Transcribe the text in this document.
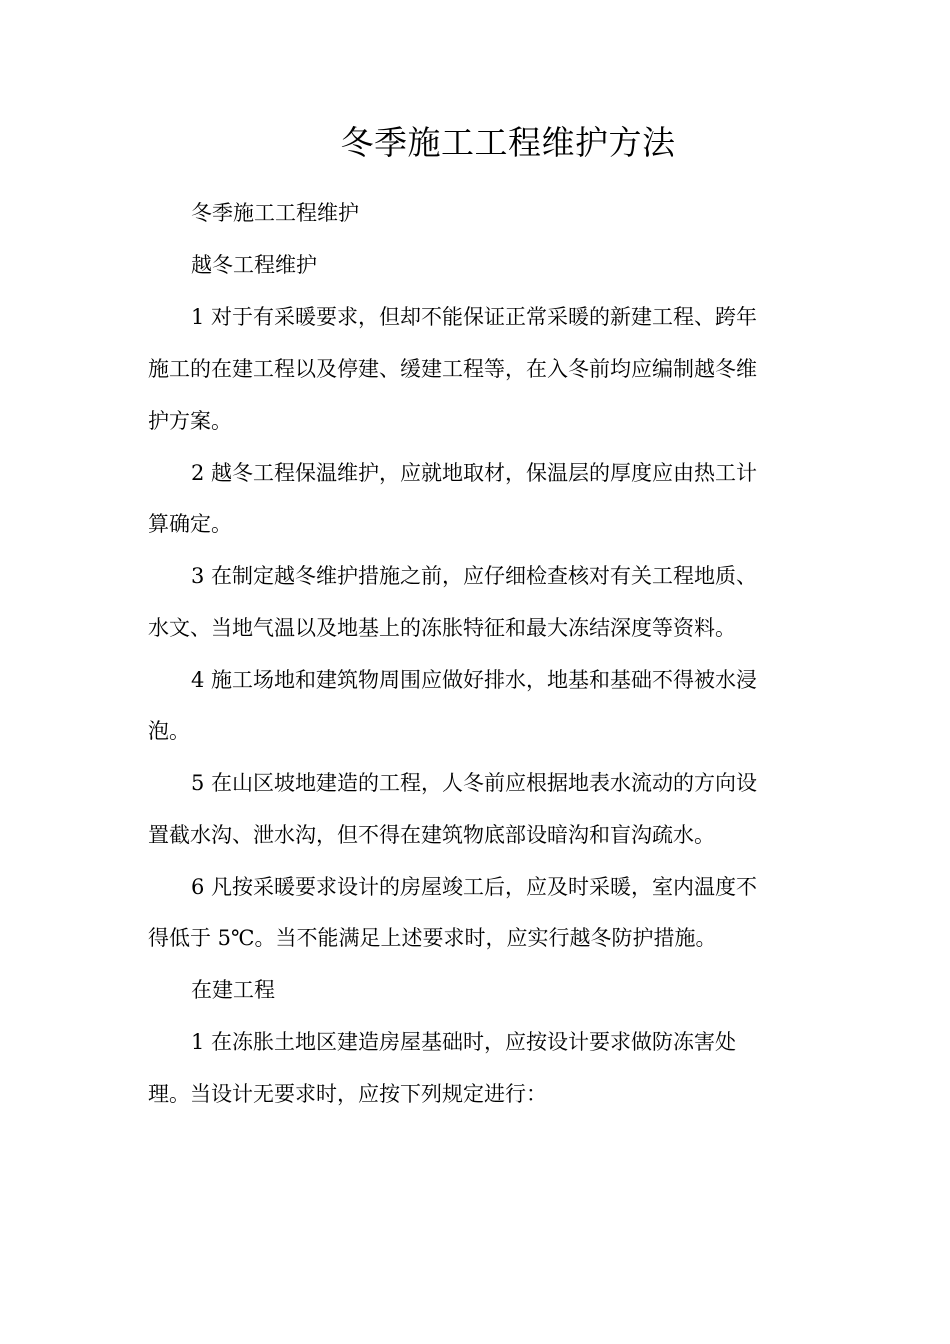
冬季施工工程维护方法

冬季施工工程维护

越冬工程维护

1 对于有采暖要求，但却不能保证正常采暖的新建工程、跨年

施工的在建工程以及停建、缓建工程等，在入冬前均应编制越冬维

护方案。

2 越冬工程保温维护，应就地取材，保温层的厚度应由热工计

算确定。

3 在制定越冬维护措施之前，应仔细检查核对有关工程地质、

水文、当地气温以及地基上的冻胀特征和最大冻结深度等资料。

4 施工场地和建筑物周围应做好排水，地基和基础不得被水浸

泡。

5 在山区坡地建造的工程，人冬前应根据地表水流动的方向设

置截水沟、泄水沟，但不得在建筑物底部设暗沟和盲沟疏水。

6 凡按采暖要求设计的房屋竣工后，应及时采暖，室内温度不

得低于 5℃。当不能满足上述要求时，应实行越冬防护措施。

在建工程

1 在冻胀土地区建造房屋基础时，应按设计要求做防冻害处

理。当设计无要求时，应按下列规定进行：
